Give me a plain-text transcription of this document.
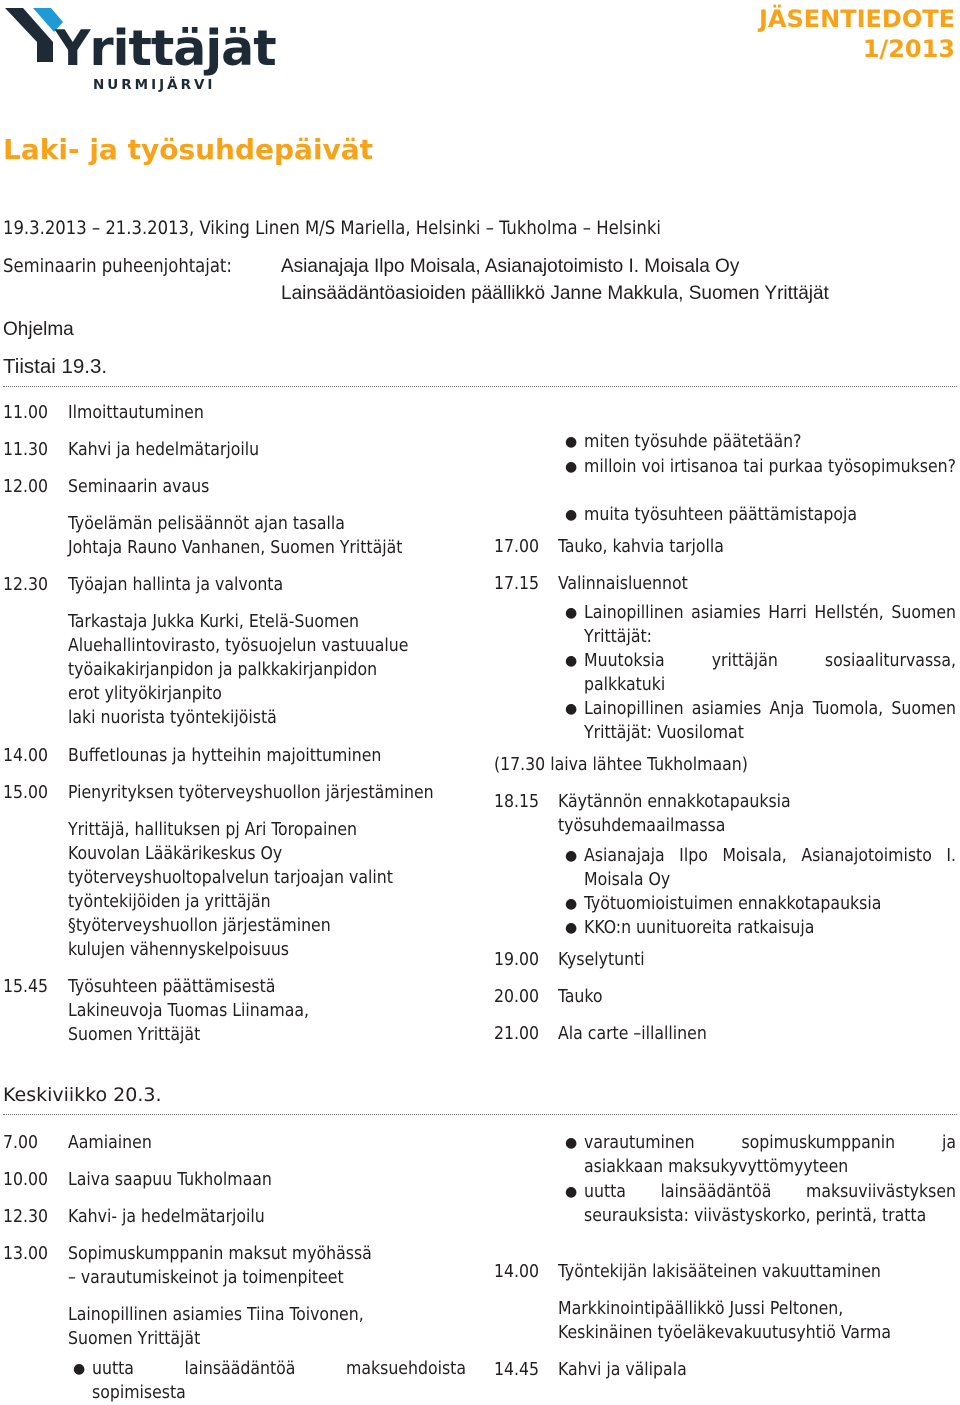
Yrittäjät
NURMIJÄRVI
JÄSENTIEDOTE
1/2013
Laki- ja työsuhdepäivät
19.3.2013 – 21.3.2013, Viking Linen M/S Mariella, Helsinki – Tukholma – Helsinki
Seminaarin puheenjohtajat:	Asianajaja Ilpo Moisala, Asianajotoimisto I. Moisala Oy
Lainsäädäntöasioiden päällikkö Janne Makkula, Suomen Yrittäjät
Ohjelma
Tiistai 19.3.
11.00 Ilmoittautuminen
11.30 Kahvi ja hedelmätarjoilu
12.00 Seminaarin avaus
Työelämän pelisäännöt ajan tasalla
Johtaja Rauno Vanhanen, Suomen Yrittäjät
12.30 Työajan hallinta ja valvonta
Tarkastaja Jukka Kurki, Etelä-Suomen
Aluehallintovirasto, työsuojelun vastuualue
työaikakirjanpidon ja palkkakirjanpidon
erot ylityökirjanpito
laki nuorista työntekijöistä
14.00 Buffetlounas ja hytteihin majoittuminen
15.00 Pienyrityksen työterveyshuollon järjestäminen
Yrittäjä, hallituksen pj Ari Toropainen
Kouvolan Lääkärikeskus Oy
työterveyshuoltopalvelun tarjoajan valint
työntekijöiden ja yrittäjän
§työterveyshuollon järjestäminen
kulujen vähennyskelpoisuus
15.45 Työsuhteen päättämisestä
Lakineuvoja Tuomas Liinamaa,
Suomen Yrittäjät
● miten työsuhde päätetään?
● milloin voi irtisanoa tai purkaa työsopimuksen?
● muita työsuhteen päättämistapoja
17.00 Tauko, kahvia tarjolla
17.15 Valinnaisluennot
● Lainopillinen asiamies Harri Hellstén, Suomen Yrittäjät:
● Muutoksia yrittäjän sosiaaliturvassa, palkkatuki
● Lainopillinen asiamies Anja Tuomola, Suomen Yrittäjät: Vuosilomat
(17.30 laiva lähtee Tukholmaan)
18.15 Käytännön ennakkotapauksia
työsuhdemaailmassa
● Asianajaja Ilpo Moisala, Asianajotoimisto I. Moisala Oy
● Työtuomioistuimen ennakkotapauksia
● KKO:n uunituoreita ratkaisuja
19.00 Kyselytunti
20.00 Tauko
21.00 Ala carte –illallinen
Keskiviikko 20.3.
7.00 Aamiainen
10.00 Laiva saapuu Tukholmaan
12.30 Kahvi- ja hedelmätarjoilu
13.00 Sopimuskumppanin maksut myöhässä
– varautumiskeinot ja toimenpiteet
Lainopillinen asiamies Tiina Toivonen,
Suomen Yrittäjät
● uuttа lainsäädäntöä maksuehdoista sopimisesta
● varautuminen sopimuskumppanin ja asiakkaan maksukyvyttömyyteen
● uutta lainsäädäntöä maksuviivästyksen seurauksista: viivästyskorko, perintä, tratta
14.00 Työntekijän lakisääteinen vakuuttaminen
Markkinointipäällikkö Jussi Peltonen,
Keskinäinen työeläkevakuutusyhtiö Varma
14.45 Kahvi ja välipala
